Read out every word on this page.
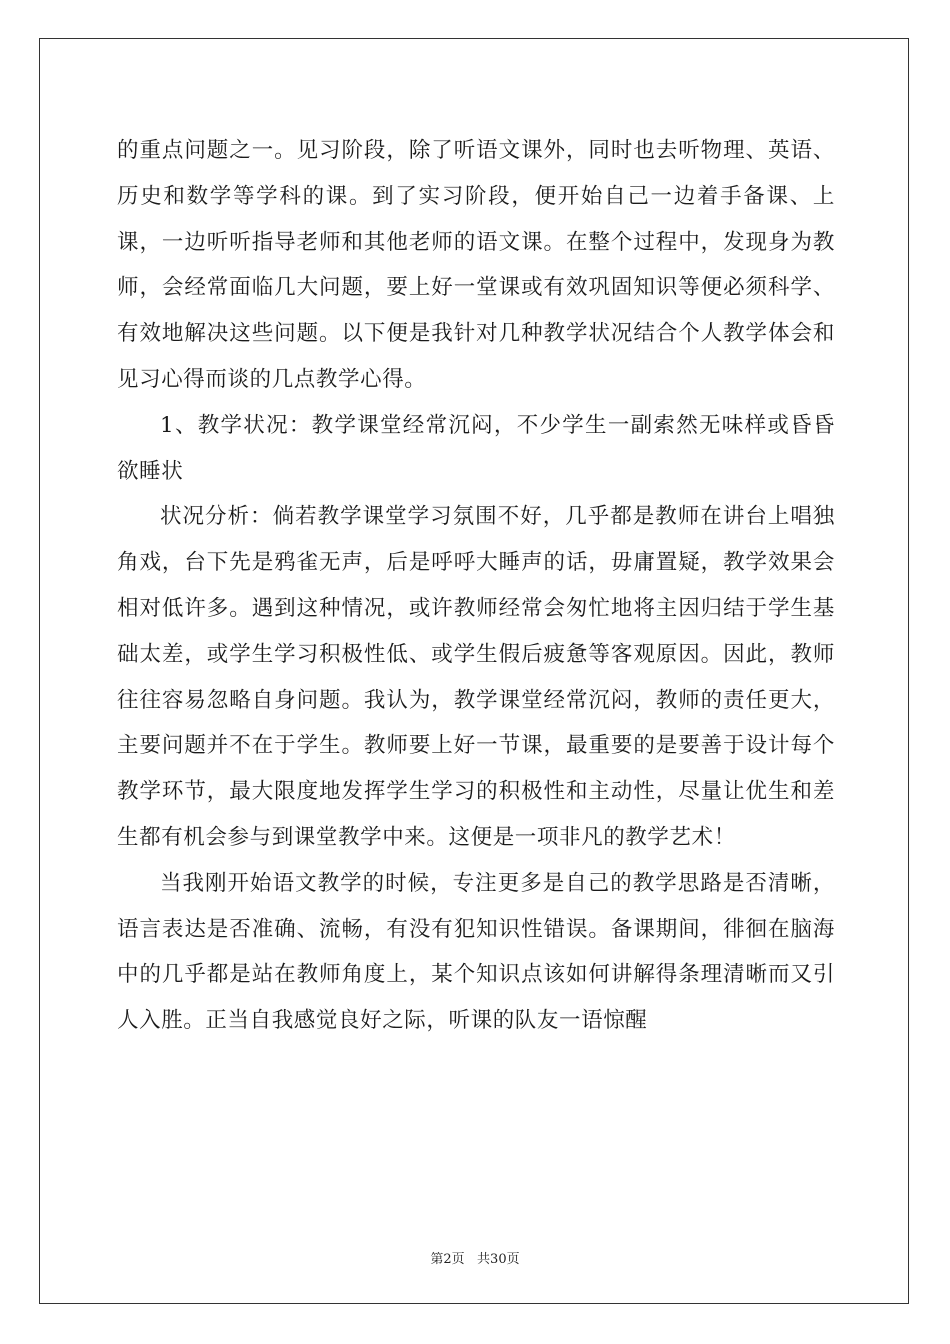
的重点问题之一。见习阶段，除了听语文课外，同时也去听物理、英语、历史和数学等学科的课。到了实习阶段，便开始自己一边着手备课、上课，一边听听指导老师和其他老师的语文课。在整个过程中，发现身为教师，会经常面临几大问题，要上好一堂课或有效巩固知识等便必须科学、有效地解决这些问题。以下便是我针对几种教学状况结合个人教学体会和见习心得而谈的几点教学心得。

1、教学状况：教学课堂经常沉闷，不少学生一副索然无味样或昏昏欲睡状

状况分析：倘若教学课堂学习氛围不好，几乎都是教师在讲台上唱独角戏，台下先是鸦雀无声，后是呼呼大睡声的话，毋庸置疑，教学效果会相对低许多。遇到这种情况，或许教师经常会匆忙地将主因归结于学生基础太差，或学生学习积极性低、或学生假后疲惫等客观原因。因此，教师往往容易忽略自身问题。我认为，教学课堂经常沉闷，教师的责任更大，主要问题并不在于学生。教师要上好一节课，最重要的是要善于设计每个教学环节，最大限度地发挥学生学习的积极性和主动性，尽量让优生和差生都有机会参与到课堂教学中来。这便是一项非凡的教学艺术！

当我刚开始语文教学的时候，专注更多是自己的教学思路是否清晰，语言表达是否准确、流畅，有没有犯知识性错误。备课期间，徘徊在脑海中的几乎都是站在教师角度上，某个知识点该如何讲解得条理清晰而又引人入胜。正当自我感觉良好之际，听课的队友一语惊醒

第2页   共30页
